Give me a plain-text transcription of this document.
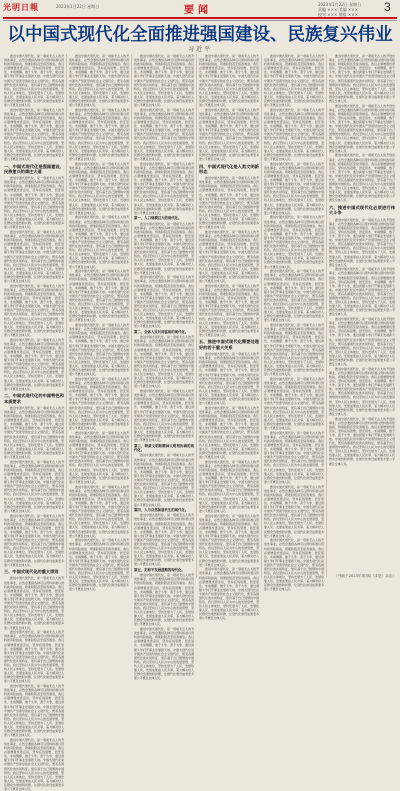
光明日報	2023年1月22日 星期日	要闻
2023年1月22日 星期日
责编 ××× 美编 ×××
校对 ××× 照排 ×××
3
以中国式现代化全面推进强国建设、民族复兴伟业
习近平

推进中国式现代化，是一项前无古人的开创性事业，必然会遇到各种可以预料和难以预料的风险挑战、艰难险阻甚至惊涛骇浪。我们必须增强忧患意识，坚持底线思维，居安思危、未雨绸缪，敢于斗争、善于斗争，通过顽强斗争打开事业发展新天地。中国式现代化是中国共产党领导的社会主义现代化，既有各国现代化的共同特征，更有基于自己国情的中国特色。我们坚持以人民为中心的发展思想，坚持人民主体地位，坚持发展为了人民、发展依靠人民、发展成果由人民共享，着力解决好人民群众急难愁盼问题，让现代化建设成果更多更公平惠及全体人民。

推进中国式现代化，是一项前无古人的开创性事业，必然会遇到各种可以预料和难以预料的风险挑战、艰难险阻甚至惊涛骇浪。我们必须增强忧患意识，坚持底线思维，居安思危、未雨绸缪，敢于斗争、善于斗争，通过顽强斗争打开事业发展新天地。中国式现代化是中国共产党领导的社会主义现代化，既有各国现代化的共同特征，更有基于自己国情的中国特色。我们坚持以人民为中心的发展思想，坚持人民主体地位，坚持发展为了人民、发展依靠人民、发展成果由人民共享，着力解决好人民群众急难愁盼问题，让现代化建设成果更多更公平惠及全体人民。

一、中国式现代化是强国建设、民族复兴的康庄大道

推进中国式现代化，是一项前无古人的开创性事业，必然会遇到各种可以预料和难以预料的风险挑战、艰难险阻甚至惊涛骇浪。我们必须增强忧患意识，坚持底线思维，居安思危、未雨绸缪，敢于斗争、善于斗争，通过顽强斗争打开事业发展新天地。中国式现代化是中国共产党领导的社会主义现代化，既有各国现代化的共同特征，更有基于自己国情的中国特色。我们坚持以人民为中心的发展思想，坚持人民主体地位，坚持发展为了人民、发展依靠人民、发展成果由人民共享，着力解决好人民群众急难愁盼问题，让现代化建设成果更多更公平惠及全体人民。

推进中国式现代化，是一项前无古人的开创性事业，必然会遇到各种可以预料和难以预料的风险挑战、艰难险阻甚至惊涛骇浪。我们必须增强忧患意识，坚持底线思维，居安思危、未雨绸缪，敢于斗争、善于斗争，通过顽强斗争打开事业发展新天地。中国式现代化是中国共产党领导的社会主义现代化，既有各国现代化的共同特征，更有基于自己国情的中国特色。我们坚持以人民为中心的发展思想，坚持人民主体地位，坚持发展为了人民、发展依靠人民、发展成果由人民共享，着力解决好人民群众急难愁盼问题，让现代化建设成果更多更公平惠及全体人民。

推进中国式现代化，是一项前无古人的开创性事业，必然会遇到各种可以预料和难以预料的风险挑战、艰难险阻甚至惊涛骇浪。我们必须增强忧患意识，坚持底线思维，居安思危、未雨绸缪，敢于斗争、善于斗争，通过顽强斗争打开事业发展新天地。中国式现代化是中国共产党领导的社会主义现代化，既有各国现代化的共同特征，更有基于自己国情的中国特色。我们坚持以人民为中心的发展思想，坚持人民主体地位，坚持发展为了人民、发展依靠人民、发展成果由人民共享，着力解决好人民群众急难愁盼问题，让现代化建设成果更多更公平惠及全体人民。

推进中国式现代化，是一项前无古人的开创性事业，必然会遇到各种可以预料和难以预料的风险挑战、艰难险阻甚至惊涛骇浪。我们必须增强忧患意识，坚持底线思维，居安思危、未雨绸缪，敢于斗争、善于斗争，通过顽强斗争打开事业发展新天地。中国式现代化是中国共产党领导的社会主义现代化，既有各国现代化的共同特征，更有基于自己国情的中国特色。我们坚持以人民为中心的发展思想，坚持人民主体地位，坚持发展为了人民、发展依靠人民、发展成果由人民共享，着力解决好人民群众急难愁盼问题，让现代化建设成果更多更公平惠及全体人民。

二、中国式现代化的中国特色和本质要求

推进中国式现代化，是一项前无古人的开创性事业，必然会遇到各种可以预料和难以预料的风险挑战、艰难险阻甚至惊涛骇浪。我们必须增强忧患意识，坚持底线思维，居安思危、未雨绸缪，敢于斗争、善于斗争，通过顽强斗争打开事业发展新天地。中国式现代化是中国共产党领导的社会主义现代化，既有各国现代化的共同特征，更有基于自己国情的中国特色。我们坚持以人民为中心的发展思想，坚持人民主体地位，坚持发展为了人民、发展依靠人民、发展成果由人民共享，着力解决好人民群众急难愁盼问题，让现代化建设成果更多更公平惠及全体人民。

推进中国式现代化，是一项前无古人的开创性事业，必然会遇到各种可以预料和难以预料的风险挑战、艰难险阻甚至惊涛骇浪。我们必须增强忧患意识，坚持底线思维，居安思危、未雨绸缪，敢于斗争、善于斗争，通过顽强斗争打开事业发展新天地。中国式现代化是中国共产党领导的社会主义现代化，既有各国现代化的共同特征，更有基于自己国情的中国特色。我们坚持以人民为中心的发展思想，坚持人民主体地位，坚持发展为了人民、发展依靠人民、发展成果由人民共享，着力解决好人民群众急难愁盼问题，让现代化建设成果更多更公平惠及全体人民。

推进中国式现代化，是一项前无古人的开创性事业，必然会遇到各种可以预料和难以预料的风险挑战、艰难险阻甚至惊涛骇浪。我们必须增强忧患意识，坚持底线思维，居安思危、未雨绸缪，敢于斗争、善于斗争，通过顽强斗争打开事业发展新天地。中国式现代化是中国共产党领导的社会主义现代化，既有各国现代化的共同特征，更有基于自己国情的中国特色。我们坚持以人民为中心的发展思想，坚持人民主体地位，坚持发展为了人民、发展依靠人民、发展成果由人民共享，着力解决好人民群众急难愁盼问题，让现代化建设成果更多更公平惠及全体人民。

三、中国式现代化的重大原则

推进中国式现代化，是一项前无古人的开创性事业，必然会遇到各种可以预料和难以预料的风险挑战、艰难险阻甚至惊涛骇浪。我们必须增强忧患意识，坚持底线思维，居安思危、未雨绸缪，敢于斗争、善于斗争，通过顽强斗争打开事业发展新天地。中国式现代化是中国共产党领导的社会主义现代化，既有各国现代化的共同特征，更有基于自己国情的中国特色。我们坚持以人民为中心的发展思想，坚持人民主体地位，坚持发展为了人民、发展依靠人民、发展成果由人民共享，着力解决好人民群众急难愁盼问题，让现代化建设成果更多更公平惠及全体人民。

推进中国式现代化，是一项前无古人的开创性事业，必然会遇到各种可以预料和难以预料的风险挑战、艰难险阻甚至惊涛骇浪。我们必须增强忧患意识，坚持底线思维，居安思危、未雨绸缪，敢于斗争、善于斗争，通过顽强斗争打开事业发展新天地。中国式现代化是中国共产党领导的社会主义现代化，既有各国现代化的共同特征，更有基于自己国情的中国特色。我们坚持以人民为中心的发展思想，坚持人民主体地位，坚持发展为了人民、发展依靠人民、发展成果由人民共享，着力解决好人民群众急难愁盼问题，让现代化建设成果更多更公平惠及全体人民。

推进中国式现代化，是一项前无古人的开创性事业，必然会遇到各种可以预料和难以预料的风险挑战、艰难险阻甚至惊涛骇浪。我们必须增强忧患意识，坚持底线思维，居安思危、未雨绸缪，敢于斗争、善于斗争，通过顽强斗争打开事业发展新天地。中国式现代化是中国共产党领导的社会主义现代化，既有各国现代化的共同特征，更有基于自己国情的中国特色。我们坚持以人民为中心的发展思想，坚持人民主体地位，坚持发展为了人民、发展依靠人民、发展成果由人民共享，着力解决好人民群众急难愁盼问题，让现代化建设成果更多更公平惠及全体人民。

推进中国式现代化，是一项前无古人的开创性事业，必然会遇到各种可以预料和难以预料的风险挑战、艰难险阻甚至惊涛骇浪。我们必须增强忧患意识，坚持底线思维，居安思危、未雨绸缪，敢于斗争、善于斗争，通过顽强斗争打开事业发展新天地。中国式现代化是中国共产党领导的社会主义现代化，既有各国现代化的共同特征，更有基于自己国情的中国特色。我们坚持以人民为中心的发展思想，坚持人民主体地位，坚持发展为了人民、发展依靠人民、发展成果由人民共享，着力解决好人民群众急难愁盼问题，让现代化建设成果更多更公平惠及全体人民。

推进中国式现代化，是一项前无古人的开创性事业，必然会遇到各种可以预料和难以预料的风险挑战、艰难险阻甚至惊涛骇浪。我们必须增强忧患意识，坚持底线思维，居安思危、未雨绸缪，敢于斗争、善于斗争，通过顽强斗争打开事业发展新天地。中国式现代化是中国共产党领导的社会主义现代化，既有各国现代化的共同特征，更有基于自己国情的中国特色。我们坚持以人民为中心的发展思想，坚持人民主体地位，坚持发展为了人民、发展依靠人民、发展成果由人民共享，着力解决好人民群众急难愁盼问题，让现代化建设成果更多更公平惠及全体人民。

推进中国式现代化，是一项前无古人的开创性事业，必然会遇到各种可以预料和难以预料的风险挑战、艰难险阻甚至惊涛骇浪。我们必须增强忧患意识，坚持底线思维，居安思危、未雨绸缪，敢于斗争、善于斗争，通过顽强斗争打开事业发展新天地。中国式现代化是中国共产党领导的社会主义现代化，既有各国现代化的共同特征，更有基于自己国情的中国特色。我们坚持以人民为中心的发展思想，坚持人民主体地位，坚持发展为了人民、发展依靠人民、发展成果由人民共享，着力解决好人民群众急难愁盼问题，让现代化建设成果更多更公平惠及全体人民。

推进中国式现代化，是一项前无古人的开创性事业，必然会遇到各种可以预料和难以预料的风险挑战、艰难险阻甚至惊涛骇浪。我们必须增强忧患意识，坚持底线思维，居安思危、未雨绸缪，敢于斗争、善于斗争，通过顽强斗争打开事业发展新天地。中国式现代化是中国共产党领导的社会主义现代化，既有各国现代化的共同特征，更有基于自己国情的中国特色。我们坚持以人民为中心的发展思想，坚持人民主体地位，坚持发展为了人民、发展依靠人民、发展成果由人民共享，着力解决好人民群众急难愁盼问题，让现代化建设成果更多更公平惠及全体人民。

推进中国式现代化，是一项前无古人的开创性事业，必然会遇到各种可以预料和难以预料的风险挑战、艰难险阻甚至惊涛骇浪。我们必须增强忧患意识，坚持底线思维，居安思危、未雨绸缪，敢于斗争、善于斗争，通过顽强斗争打开事业发展新天地。中国式现代化是中国共产党领导的社会主义现代化，既有各国现代化的共同特征，更有基于自己国情的中国特色。我们坚持以人民为中心的发展思想，坚持人民主体地位，坚持发展为了人民、发展依靠人民、发展成果由人民共享，着力解决好人民群众急难愁盼问题，让现代化建设成果更多更公平惠及全体人民。

推进中国式现代化，是一项前无古人的开创性事业，必然会遇到各种可以预料和难以预料的风险挑战、艰难险阻甚至惊涛骇浪。我们必须增强忧患意识，坚持底线思维，居安思危、未雨绸缪，敢于斗争、善于斗争，通过顽强斗争打开事业发展新天地。中国式现代化是中国共产党领导的社会主义现代化，既有各国现代化的共同特征，更有基于自己国情的中国特色。我们坚持以人民为中心的发展思想，坚持人民主体地位，坚持发展为了人民、发展依靠人民、发展成果由人民共享，着力解决好人民群众急难愁盼问题，让现代化建设成果更多更公平惠及全体人民。

推进中国式现代化，是一项前无古人的开创性事业，必然会遇到各种可以预料和难以预料的风险挑战、艰难险阻甚至惊涛骇浪。我们必须增强忧患意识，坚持底线思维，居安思危、未雨绸缪，敢于斗争、善于斗争，通过顽强斗争打开事业发展新天地。中国式现代化是中国共产党领导的社会主义现代化，既有各国现代化的共同特征，更有基于自己国情的中国特色。我们坚持以人民为中心的发展思想，坚持人民主体地位，坚持发展为了人民、发展依靠人民、发展成果由人民共享，着力解决好人民群众急难愁盼问题，让现代化建设成果更多更公平惠及全体人民。

推进中国式现代化，是一项前无古人的开创性事业，必然会遇到各种可以预料和难以预料的风险挑战、艰难险阻甚至惊涛骇浪。我们必须增强忧患意识，坚持底线思维，居安思危、未雨绸缪，敢于斗争、善于斗争，通过顽强斗争打开事业发展新天地。中国式现代化是中国共产党领导的社会主义现代化，既有各国现代化的共同特征，更有基于自己国情的中国特色。我们坚持以人民为中心的发展思想，坚持人民主体地位，坚持发展为了人民、发展依靠人民、发展成果由人民共享，着力解决好人民群众急难愁盼问题，让现代化建设成果更多更公平惠及全体人民。

推进中国式现代化，是一项前无古人的开创性事业，必然会遇到各种可以预料和难以预料的风险挑战、艰难险阻甚至惊涛骇浪。我们必须增强忧患意识，坚持底线思维，居安思危、未雨绸缪，敢于斗争、善于斗争，通过顽强斗争打开事业发展新天地。中国式现代化是中国共产党领导的社会主义现代化，既有各国现代化的共同特征，更有基于自己国情的中国特色。我们坚持以人民为中心的发展思想，坚持人民主体地位，坚持发展为了人民、发展依靠人民、发展成果由人民共享，着力解决好人民群众急难愁盼问题，让现代化建设成果更多更公平惠及全体人民。

推进中国式现代化，是一项前无古人的开创性事业，必然会遇到各种可以预料和难以预料的风险挑战、艰难险阻甚至惊涛骇浪。我们必须增强忧患意识，坚持底线思维，居安思危、未雨绸缪，敢于斗争、善于斗争，通过顽强斗争打开事业发展新天地。中国式现代化是中国共产党领导的社会主义现代化，既有各国现代化的共同特征，更有基于自己国情的中国特色。我们坚持以人民为中心的发展思想，坚持人民主体地位，坚持发展为了人民、发展依靠人民、发展成果由人民共享，着力解决好人民群众急难愁盼问题，让现代化建设成果更多更公平惠及全体人民。

推进中国式现代化，是一项前无古人的开创性事业，必然会遇到各种可以预料和难以预料的风险挑战、艰难险阻甚至惊涛骇浪。我们必须增强忧患意识，坚持底线思维，居安思危、未雨绸缪，敢于斗争、善于斗争，通过顽强斗争打开事业发展新天地。中国式现代化是中国共产党领导的社会主义现代化，既有各国现代化的共同特征，更有基于自己国情的中国特色。我们坚持以人民为中心的发展思想，坚持人民主体地位，坚持发展为了人民、发展依靠人民、发展成果由人民共享，着力解决好人民群众急难愁盼问题，让现代化建设成果更多更公平惠及全体人民。

推进中国式现代化，是一项前无古人的开创性事业，必然会遇到各种可以预料和难以预料的风险挑战、艰难险阻甚至惊涛骇浪。我们必须增强忧患意识，坚持底线思维，居安思危、未雨绸缪，敢于斗争、善于斗争，通过顽强斗争打开事业发展新天地。中国式现代化是中国共产党领导的社会主义现代化，既有各国现代化的共同特征，更有基于自己国情的中国特色。我们坚持以人民为中心的发展思想，坚持人民主体地位，坚持发展为了人民、发展依靠人民、发展成果由人民共享，着力解决好人民群众急难愁盼问题，让现代化建设成果更多更公平惠及全体人民。

推进中国式现代化，是一项前无古人的开创性事业，必然会遇到各种可以预料和难以预料的风险挑战、艰难险阻甚至惊涛骇浪。我们必须增强忧患意识，坚持底线思维，居安思危、未雨绸缪，敢于斗争、善于斗争，通过顽强斗争打开事业发展新天地。中国式现代化是中国共产党领导的社会主义现代化，既有各国现代化的共同特征，更有基于自己国情的中国特色。我们坚持以人民为中心的发展思想，坚持人民主体地位，坚持发展为了人民、发展依靠人民、发展成果由人民共享，着力解决好人民群众急难愁盼问题，让现代化建设成果更多更公平惠及全体人民。

推进中国式现代化，是一项前无古人的开创性事业，必然会遇到各种可以预料和难以预料的风险挑战、艰难险阻甚至惊涛骇浪。我们必须增强忧患意识，坚持底线思维，居安思危、未雨绸缪，敢于斗争、善于斗争，通过顽强斗争打开事业发展新天地。中国式现代化是中国共产党领导的社会主义现代化，既有各国现代化的共同特征，更有基于自己国情的中国特色。我们坚持以人民为中心的发展思想，坚持人民主体地位，坚持发展为了人民、发展依靠人民、发展成果由人民共享，着力解决好人民群众急难愁盼问题，让现代化建设成果更多更公平惠及全体人民。

第一，人口规模巨大的现代化。

推进中国式现代化，是一项前无古人的开创性事业，必然会遇到各种可以预料和难以预料的风险挑战、艰难险阻甚至惊涛骇浪。我们必须增强忧患意识，坚持底线思维，居安思危、未雨绸缪，敢于斗争、善于斗争，通过顽强斗争打开事业发展新天地。中国式现代化是中国共产党领导的社会主义现代化，既有各国现代化的共同特征，更有基于自己国情的中国特色。我们坚持以人民为中心的发展思想，坚持人民主体地位，坚持发展为了人民、发展依靠人民、发展成果由人民共享，着力解决好人民群众急难愁盼问题，让现代化建设成果更多更公平惠及全体人民。

推进中国式现代化，是一项前无古人的开创性事业，必然会遇到各种可以预料和难以预料的风险挑战、艰难险阻甚至惊涛骇浪。我们必须增强忧患意识，坚持底线思维，居安思危、未雨绸缪，敢于斗争、善于斗争，通过顽强斗争打开事业发展新天地。中国式现代化是中国共产党领导的社会主义现代化，既有各国现代化的共同特征，更有基于自己国情的中国特色。我们坚持以人民为中心的发展思想，坚持人民主体地位，坚持发展为了人民、发展依靠人民、发展成果由人民共享，着力解决好人民群众急难愁盼问题，让现代化建设成果更多更公平惠及全体人民。

第二，全体人民共同富裕的现代化。

推进中国式现代化，是一项前无古人的开创性事业，必然会遇到各种可以预料和难以预料的风险挑战、艰难险阻甚至惊涛骇浪。我们必须增强忧患意识，坚持底线思维，居安思危、未雨绸缪，敢于斗争、善于斗争，通过顽强斗争打开事业发展新天地。中国式现代化是中国共产党领导的社会主义现代化，既有各国现代化的共同特征，更有基于自己国情的中国特色。我们坚持以人民为中心的发展思想，坚持人民主体地位，坚持发展为了人民、发展依靠人民、发展成果由人民共享，着力解决好人民群众急难愁盼问题，让现代化建设成果更多更公平惠及全体人民。

推进中国式现代化，是一项前无古人的开创性事业，必然会遇到各种可以预料和难以预料的风险挑战、艰难险阻甚至惊涛骇浪。我们必须增强忧患意识，坚持底线思维，居安思危、未雨绸缪，敢于斗争、善于斗争，通过顽强斗争打开事业发展新天地。中国式现代化是中国共产党领导的社会主义现代化，既有各国现代化的共同特征，更有基于自己国情的中国特色。我们坚持以人民为中心的发展思想，坚持人民主体地位，坚持发展为了人民、发展依靠人民、发展成果由人民共享，着力解决好人民群众急难愁盼问题，让现代化建设成果更多更公平惠及全体人民。

第三，物质文明和精神文明相协调的现代化。

推进中国式现代化，是一项前无古人的开创性事业，必然会遇到各种可以预料和难以预料的风险挑战、艰难险阻甚至惊涛骇浪。我们必须增强忧患意识，坚持底线思维，居安思危、未雨绸缪，敢于斗争、善于斗争，通过顽强斗争打开事业发展新天地。中国式现代化是中国共产党领导的社会主义现代化，既有各国现代化的共同特征，更有基于自己国情的中国特色。我们坚持以人民为中心的发展思想，坚持人民主体地位，坚持发展为了人民、发展依靠人民、发展成果由人民共享，着力解决好人民群众急难愁盼问题，让现代化建设成果更多更公平惠及全体人民。

第四，人与自然和谐共生的现代化。

推进中国式现代化，是一项前无古人的开创性事业，必然会遇到各种可以预料和难以预料的风险挑战、艰难险阻甚至惊涛骇浪。我们必须增强忧患意识，坚持底线思维，居安思危、未雨绸缪，敢于斗争、善于斗争，通过顽强斗争打开事业发展新天地。中国式现代化是中国共产党领导的社会主义现代化，既有各国现代化的共同特征，更有基于自己国情的中国特色。我们坚持以人民为中心的发展思想，坚持人民主体地位，坚持发展为了人民、发展依靠人民、发展成果由人民共享，着力解决好人民群众急难愁盼问题，让现代化建设成果更多更公平惠及全体人民。

第五，走和平发展道路的现代化。

推进中国式现代化，是一项前无古人的开创性事业，必然会遇到各种可以预料和难以预料的风险挑战、艰难险阻甚至惊涛骇浪。我们必须增强忧患意识，坚持底线思维，居安思危、未雨绸缪，敢于斗争、善于斗争，通过顽强斗争打开事业发展新天地。中国式现代化是中国共产党领导的社会主义现代化，既有各国现代化的共同特征，更有基于自己国情的中国特色。我们坚持以人民为中心的发展思想，坚持人民主体地位，坚持发展为了人民、发展依靠人民、发展成果由人民共享，着力解决好人民群众急难愁盼问题，让现代化建设成果更多更公平惠及全体人民。

推进中国式现代化，是一项前无古人的开创性事业，必然会遇到各种可以预料和难以预料的风险挑战、艰难险阻甚至惊涛骇浪。我们必须增强忧患意识，坚持底线思维，居安思危、未雨绸缪，敢于斗争、善于斗争，通过顽强斗争打开事业发展新天地。中国式现代化是中国共产党领导的社会主义现代化，既有各国现代化的共同特征，更有基于自己国情的中国特色。我们坚持以人民为中心的发展思想，坚持人民主体地位，坚持发展为了人民、发展依靠人民、发展成果由人民共享，着力解决好人民群众急难愁盼问题，让现代化建设成果更多更公平惠及全体人民。

推进中国式现代化，是一项前无古人的开创性事业，必然会遇到各种可以预料和难以预料的风险挑战、艰难险阻甚至惊涛骇浪。我们必须增强忧患意识，坚持底线思维，居安思危、未雨绸缪，敢于斗争、善于斗争，通过顽强斗争打开事业发展新天地。中国式现代化是中国共产党领导的社会主义现代化，既有各国现代化的共同特征，更有基于自己国情的中国特色。我们坚持以人民为中心的发展思想，坚持人民主体地位，坚持发展为了人民、发展依靠人民、发展成果由人民共享，着力解决好人民群众急难愁盼问题，让现代化建设成果更多更公平惠及全体人民。

推进中国式现代化，是一项前无古人的开创性事业，必然会遇到各种可以预料和难以预料的风险挑战、艰难险阻甚至惊涛骇浪。我们必须增强忧患意识，坚持底线思维，居安思危、未雨绸缪，敢于斗争、善于斗争，通过顽强斗争打开事业发展新天地。中国式现代化是中国共产党领导的社会主义现代化，既有各国现代化的共同特征，更有基于自己国情的中国特色。我们坚持以人民为中心的发展思想，坚持人民主体地位，坚持发展为了人民、发展依靠人民、发展成果由人民共享，着力解决好人民群众急难愁盼问题，让现代化建设成果更多更公平惠及全体人民。

四、中国式现代化是人类文明新形态

推进中国式现代化，是一项前无古人的开创性事业，必然会遇到各种可以预料和难以预料的风险挑战、艰难险阻甚至惊涛骇浪。我们必须增强忧患意识，坚持底线思维，居安思危、未雨绸缪，敢于斗争、善于斗争，通过顽强斗争打开事业发展新天地。中国式现代化是中国共产党领导的社会主义现代化，既有各国现代化的共同特征，更有基于自己国情的中国特色。我们坚持以人民为中心的发展思想，坚持人民主体地位，坚持发展为了人民、发展依靠人民、发展成果由人民共享，着力解决好人民群众急难愁盼问题，让现代化建设成果更多更公平惠及全体人民。

推进中国式现代化，是一项前无古人的开创性事业，必然会遇到各种可以预料和难以预料的风险挑战、艰难险阻甚至惊涛骇浪。我们必须增强忧患意识，坚持底线思维，居安思危、未雨绸缪，敢于斗争、善于斗争，通过顽强斗争打开事业发展新天地。中国式现代化是中国共产党领导的社会主义现代化，既有各国现代化的共同特征，更有基于自己国情的中国特色。我们坚持以人民为中心的发展思想，坚持人民主体地位，坚持发展为了人民、发展依靠人民、发展成果由人民共享，着力解决好人民群众急难愁盼问题，让现代化建设成果更多更公平惠及全体人民。

推进中国式现代化，是一项前无古人的开创性事业，必然会遇到各种可以预料和难以预料的风险挑战、艰难险阻甚至惊涛骇浪。我们必须增强忧患意识，坚持底线思维，居安思危、未雨绸缪，敢于斗争、善于斗争，通过顽强斗争打开事业发展新天地。中国式现代化是中国共产党领导的社会主义现代化，既有各国现代化的共同特征，更有基于自己国情的中国特色。我们坚持以人民为中心的发展思想，坚持人民主体地位，坚持发展为了人民、发展依靠人民、发展成果由人民共享，着力解决好人民群众急难愁盼问题，让现代化建设成果更多更公平惠及全体人民。

五、推进中国式现代化需要处理好的若干重大关系

推进中国式现代化，是一项前无古人的开创性事业，必然会遇到各种可以预料和难以预料的风险挑战、艰难险阻甚至惊涛骇浪。我们必须增强忧患意识，坚持底线思维，居安思危、未雨绸缪，敢于斗争、善于斗争，通过顽强斗争打开事业发展新天地。中国式现代化是中国共产党领导的社会主义现代化，既有各国现代化的共同特征，更有基于自己国情的中国特色。我们坚持以人民为中心的发展思想，坚持人民主体地位，坚持发展为了人民、发展依靠人民、发展成果由人民共享，着力解决好人民群众急难愁盼问题，让现代化建设成果更多更公平惠及全体人民。

推进中国式现代化，是一项前无古人的开创性事业，必然会遇到各种可以预料和难以预料的风险挑战、艰难险阻甚至惊涛骇浪。我们必须增强忧患意识，坚持底线思维，居安思危、未雨绸缪，敢于斗争、善于斗争，通过顽强斗争打开事业发展新天地。中国式现代化是中国共产党领导的社会主义现代化，既有各国现代化的共同特征，更有基于自己国情的中国特色。我们坚持以人民为中心的发展思想，坚持人民主体地位，坚持发展为了人民、发展依靠人民、发展成果由人民共享，着力解决好人民群众急难愁盼问题，让现代化建设成果更多更公平惠及全体人民。

推进中国式现代化，是一项前无古人的开创性事业，必然会遇到各种可以预料和难以预料的风险挑战、艰难险阻甚至惊涛骇浪。我们必须增强忧患意识，坚持底线思维，居安思危、未雨绸缪，敢于斗争、善于斗争，通过顽强斗争打开事业发展新天地。中国式现代化是中国共产党领导的社会主义现代化，既有各国现代化的共同特征，更有基于自己国情的中国特色。我们坚持以人民为中心的发展思想，坚持人民主体地位，坚持发展为了人民、发展依靠人民、发展成果由人民共享，着力解决好人民群众急难愁盼问题，让现代化建设成果更多更公平惠及全体人民。

推进中国式现代化，是一项前无古人的开创性事业，必然会遇到各种可以预料和难以预料的风险挑战、艰难险阻甚至惊涛骇浪。我们必须增强忧患意识，坚持底线思维，居安思危、未雨绸缪，敢于斗争、善于斗争，通过顽强斗争打开事业发展新天地。中国式现代化是中国共产党领导的社会主义现代化，既有各国现代化的共同特征，更有基于自己国情的中国特色。我们坚持以人民为中心的发展思想，坚持人民主体地位，坚持发展为了人民、发展依靠人民、发展成果由人民共享，着力解决好人民群众急难愁盼问题，让现代化建设成果更多更公平惠及全体人民。

推进中国式现代化，是一项前无古人的开创性事业，必然会遇到各种可以预料和难以预料的风险挑战、艰难险阻甚至惊涛骇浪。我们必须增强忧患意识，坚持底线思维，居安思危、未雨绸缪，敢于斗争、善于斗争，通过顽强斗争打开事业发展新天地。中国式现代化是中国共产党领导的社会主义现代化，既有各国现代化的共同特征，更有基于自己国情的中国特色。我们坚持以人民为中心的发展思想，坚持人民主体地位，坚持发展为了人民、发展依靠人民、发展成果由人民共享，着力解决好人民群众急难愁盼问题，让现代化建设成果更多更公平惠及全体人民。

推进中国式现代化，是一项前无古人的开创性事业，必然会遇到各种可以预料和难以预料的风险挑战、艰难险阻甚至惊涛骇浪。我们必须增强忧患意识，坚持底线思维，居安思危、未雨绸缪，敢于斗争、善于斗争，通过顽强斗争打开事业发展新天地。中国式现代化是中国共产党领导的社会主义现代化，既有各国现代化的共同特征，更有基于自己国情的中国特色。我们坚持以人民为中心的发展思想，坚持人民主体地位，坚持发展为了人民、发展依靠人民、发展成果由人民共享，着力解决好人民群众急难愁盼问题，让现代化建设成果更多更公平惠及全体人民。

推进中国式现代化，是一项前无古人的开创性事业，必然会遇到各种可以预料和难以预料的风险挑战、艰难险阻甚至惊涛骇浪。我们必须增强忧患意识，坚持底线思维，居安思危、未雨绸缪，敢于斗争、善于斗争，通过顽强斗争打开事业发展新天地。中国式现代化是中国共产党领导的社会主义现代化，既有各国现代化的共同特征，更有基于自己国情的中国特色。我们坚持以人民为中心的发展思想，坚持人民主体地位，坚持发展为了人民、发展依靠人民、发展成果由人民共享，着力解决好人民群众急难愁盼问题，让现代化建设成果更多更公平惠及全体人民。

推进中国式现代化，是一项前无古人的开创性事业，必然会遇到各种可以预料和难以预料的风险挑战、艰难险阻甚至惊涛骇浪。我们必须增强忧患意识，坚持底线思维，居安思危、未雨绸缪，敢于斗争、善于斗争，通过顽强斗争打开事业发展新天地。中国式现代化是中国共产党领导的社会主义现代化，既有各国现代化的共同特征，更有基于自己国情的中国特色。我们坚持以人民为中心的发展思想，坚持人民主体地位，坚持发展为了人民、发展依靠人民、发展成果由人民共享，着力解决好人民群众急难愁盼问题，让现代化建设成果更多更公平惠及全体人民。

推进中国式现代化，是一项前无古人的开创性事业，必然会遇到各种可以预料和难以预料的风险挑战、艰难险阻甚至惊涛骇浪。我们必须增强忧患意识，坚持底线思维，居安思危、未雨绸缪，敢于斗争、善于斗争，通过顽强斗争打开事业发展新天地。中国式现代化是中国共产党领导的社会主义现代化，既有各国现代化的共同特征，更有基于自己国情的中国特色。我们坚持以人民为中心的发展思想，坚持人民主体地位，坚持发展为了人民、发展依靠人民、发展成果由人民共享，着力解决好人民群众急难愁盼问题，让现代化建设成果更多更公平惠及全体人民。

推进中国式现代化，是一项前无古人的开创性事业，必然会遇到各种可以预料和难以预料的风险挑战、艰难险阻甚至惊涛骇浪。我们必须增强忧患意识，坚持底线思维，居安思危、未雨绸缪，敢于斗争、善于斗争，通过顽强斗争打开事业发展新天地。中国式现代化是中国共产党领导的社会主义现代化，既有各国现代化的共同特征，更有基于自己国情的中国特色。我们坚持以人民为中心的发展思想，坚持人民主体地位，坚持发展为了人民、发展依靠人民、发展成果由人民共享，着力解决好人民群众急难愁盼问题，让现代化建设成果更多更公平惠及全体人民。

推进中国式现代化，是一项前无古人的开创性事业，必然会遇到各种可以预料和难以预料的风险挑战、艰难险阻甚至惊涛骇浪。我们必须增强忧患意识，坚持底线思维，居安思危、未雨绸缪，敢于斗争、善于斗争，通过顽强斗争打开事业发展新天地。中国式现代化是中国共产党领导的社会主义现代化，既有各国现代化的共同特征，更有基于自己国情的中国特色。我们坚持以人民为中心的发展思想，坚持人民主体地位，坚持发展为了人民、发展依靠人民、发展成果由人民共享，着力解决好人民群众急难愁盼问题，让现代化建设成果更多更公平惠及全体人民。

推进中国式现代化，是一项前无古人的开创性事业，必然会遇到各种可以预料和难以预料的风险挑战、艰难险阻甚至惊涛骇浪。我们必须增强忧患意识，坚持底线思维，居安思危、未雨绸缪，敢于斗争、善于斗争，通过顽强斗争打开事业发展新天地。中国式现代化是中国共产党领导的社会主义现代化，既有各国现代化的共同特征，更有基于自己国情的中国特色。我们坚持以人民为中心的发展思想，坚持人民主体地位，坚持发展为了人民、发展依靠人民、发展成果由人民共享，着力解决好人民群众急难愁盼问题，让现代化建设成果更多更公平惠及全体人民。

推进中国式现代化，是一项前无古人的开创性事业，必然会遇到各种可以预料和难以预料的风险挑战、艰难险阻甚至惊涛骇浪。我们必须增强忧患意识，坚持底线思维，居安思危、未雨绸缪，敢于斗争、善于斗争，通过顽强斗争打开事业发展新天地。中国式现代化是中国共产党领导的社会主义现代化，既有各国现代化的共同特征，更有基于自己国情的中国特色。我们坚持以人民为中心的发展思想，坚持人民主体地位，坚持发展为了人民、发展依靠人民、发展成果由人民共享，着力解决好人民群众急难愁盼问题，让现代化建设成果更多更公平惠及全体人民。

推进中国式现代化，是一项前无古人的开创性事业，必然会遇到各种可以预料和难以预料的风险挑战、艰难险阻甚至惊涛骇浪。我们必须增强忧患意识，坚持底线思维，居安思危、未雨绸缪，敢于斗争、善于斗争，通过顽强斗争打开事业发展新天地。中国式现代化是中国共产党领导的社会主义现代化，既有各国现代化的共同特征，更有基于自己国情的中国特色。我们坚持以人民为中心的发展思想，坚持人民主体地位，坚持发展为了人民、发展依靠人民、发展成果由人民共享，着力解决好人民群众急难愁盼问题，让现代化建设成果更多更公平惠及全体人民。

推进中国式现代化，是一项前无古人的开创性事业，必然会遇到各种可以预料和难以预料的风险挑战、艰难险阻甚至惊涛骇浪。我们必须增强忧患意识，坚持底线思维，居安思危、未雨绸缪，敢于斗争、善于斗争，通过顽强斗争打开事业发展新天地。中国式现代化是中国共产党领导的社会主义现代化，既有各国现代化的共同特征，更有基于自己国情的中国特色。我们坚持以人民为中心的发展思想，坚持人民主体地位，坚持发展为了人民、发展依靠人民、发展成果由人民共享，着力解决好人民群众急难愁盼问题，让现代化建设成果更多更公平惠及全体人民。

推进中国式现代化，是一项前无古人的开创性事业，必然会遇到各种可以预料和难以预料的风险挑战、艰难险阻甚至惊涛骇浪。我们必须增强忧患意识，坚持底线思维，居安思危、未雨绸缪，敢于斗争、善于斗争，通过顽强斗争打开事业发展新天地。中国式现代化是中国共产党领导的社会主义现代化，既有各国现代化的共同特征，更有基于自己国情的中国特色。我们坚持以人民为中心的发展思想，坚持人民主体地位，坚持发展为了人民、发展依靠人民、发展成果由人民共享，着力解决好人民群众急难愁盼问题，让现代化建设成果更多更公平惠及全体人民。

推进中国式现代化，是一项前无古人的开创性事业，必然会遇到各种可以预料和难以预料的风险挑战、艰难险阻甚至惊涛骇浪。我们必须增强忧患意识，坚持底线思维，居安思危、未雨绸缪，敢于斗争、善于斗争，通过顽强斗争打开事业发展新天地。中国式现代化是中国共产党领导的社会主义现代化，既有各国现代化的共同特征，更有基于自己国情的中国特色。我们坚持以人民为中心的发展思想，坚持人民主体地位，坚持发展为了人民、发展依靠人民、发展成果由人民共享，着力解决好人民群众急难愁盼问题，让现代化建设成果更多更公平惠及全体人民。

推进中国式现代化，是一项前无古人的开创性事业，必然会遇到各种可以预料和难以预料的风险挑战、艰难险阻甚至惊涛骇浪。我们必须增强忧患意识，坚持底线思维，居安思危、未雨绸缪，敢于斗争、善于斗争，通过顽强斗争打开事业发展新天地。中国式现代化是中国共产党领导的社会主义现代化，既有各国现代化的共同特征，更有基于自己国情的中国特色。我们坚持以人民为中心的发展思想，坚持人民主体地位，坚持发展为了人民、发展依靠人民、发展成果由人民共享，着力解决好人民群众急难愁盼问题，让现代化建设成果更多更公平惠及全体人民。

六、推进中国式现代化必须进行伟大斗争

推进中国式现代化，是一项前无古人的开创性事业，必然会遇到各种可以预料和难以预料的风险挑战、艰难险阻甚至惊涛骇浪。我们必须增强忧患意识，坚持底线思维，居安思危、未雨绸缪，敢于斗争、善于斗争，通过顽强斗争打开事业发展新天地。中国式现代化是中国共产党领导的社会主义现代化，既有各国现代化的共同特征，更有基于自己国情的中国特色。我们坚持以人民为中心的发展思想，坚持人民主体地位，坚持发展为了人民、发展依靠人民、发展成果由人民共享，着力解决好人民群众急难愁盼问题，让现代化建设成果更多更公平惠及全体人民。

推进中国式现代化，是一项前无古人的开创性事业，必然会遇到各种可以预料和难以预料的风险挑战、艰难险阻甚至惊涛骇浪。我们必须增强忧患意识，坚持底线思维，居安思危、未雨绸缪，敢于斗争、善于斗争，通过顽强斗争打开事业发展新天地。中国式现代化是中国共产党领导的社会主义现代化，既有各国现代化的共同特征，更有基于自己国情的中国特色。我们坚持以人民为中心的发展思想，坚持人民主体地位，坚持发展为了人民、发展依靠人民、发展成果由人民共享，着力解决好人民群众急难愁盼问题，让现代化建设成果更多更公平惠及全体人民。

推进中国式现代化，是一项前无古人的开创性事业，必然会遇到各种可以预料和难以预料的风险挑战、艰难险阻甚至惊涛骇浪。我们必须增强忧患意识，坚持底线思维，居安思危、未雨绸缪，敢于斗争、善于斗争，通过顽强斗争打开事业发展新天地。中国式现代化是中国共产党领导的社会主义现代化，既有各国现代化的共同特征，更有基于自己国情的中国特色。我们坚持以人民为中心的发展思想，坚持人民主体地位，坚持发展为了人民、发展依靠人民、发展成果由人民共享，着力解决好人民群众急难愁盼问题，让现代化建设成果更多更公平惠及全体人民。

推进中国式现代化，是一项前无古人的开创性事业，必然会遇到各种可以预料和难以预料的风险挑战、艰难险阻甚至惊涛骇浪。我们必须增强忧患意识，坚持底线思维，居安思危、未雨绸缪，敢于斗争、善于斗争，通过顽强斗争打开事业发展新天地。中国式现代化是中国共产党领导的社会主义现代化，既有各国现代化的共同特征，更有基于自己国情的中国特色。我们坚持以人民为中心的发展思想，坚持人民主体地位，坚持发展为了人民、发展依靠人民、发展成果由人民共享，着力解决好人民群众急难愁盼问题，让现代化建设成果更多更公平惠及全体人民。

推进中国式现代化，是一项前无古人的开创性事业，必然会遇到各种可以预料和难以预料的风险挑战、艰难险阻甚至惊涛骇浪。我们必须增强忧患意识，坚持底线思维，居安思危、未雨绸缪，敢于斗争、善于斗争，通过顽强斗争打开事业发展新天地。中国式现代化是中国共产党领导的社会主义现代化，既有各国现代化的共同特征，更有基于自己国情的中国特色。我们坚持以人民为中心的发展思想，坚持人民主体地位，坚持发展为了人民、发展依靠人民、发展成果由人民共享，着力解决好人民群众急难愁盼问题，让现代化建设成果更多更公平惠及全体人民。

（刊载于2023年第7期《求是》杂志）
